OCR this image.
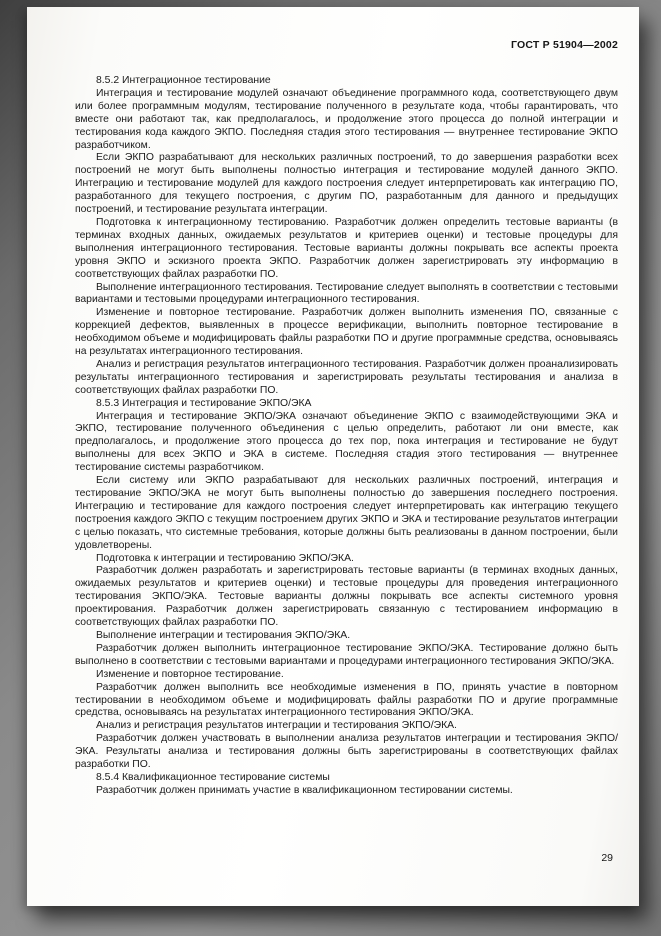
ГОСТ Р 51904—2002

8.5.2 Интеграционное тестирование

Интеграция и тестирование модулей означают объединение программного кода, соответствующего двум или более программным модулям, тестирование полученного в результате кода, чтобы гарантировать, что вместе они работают так, как предполагалось, и продолжение этого процесса до полной интеграции и тестирования кода каждого ЭКПО. Последняя стадия этого тестирования — внутреннее тестирование ЭКПО разработчиком.

Если ЭКПО разрабатывают для нескольких различных построений, то до завершения разработки всех построений не могут быть выполнены полностью интеграция и тестирование модулей данного ЭКПО. Интеграцию и тестирование модулей для каждого построения следует интерпретировать как интеграцию ПО, разработанного для текущего построения, с другим ПО, разработанным для данного и предыдущих построений, и тестирование результата интеграции.

Подготовка к интеграционному тестированию. Разработчик должен определить тестовые варианты (в терминах входных данных, ожидаемых результатов и критериев оценки) и тестовые процедуры для выполнения интеграционного тестирования. Тестовые варианты должны покрывать все аспекты проекта уровня ЭКПО и эскизного проекта ЭКПО. Разработчик должен зарегистрировать эту информацию в соответствующих файлах разработки ПО.

Выполнение интеграционного тестирования. Тестирование следует выполнять в соответствии с тестовыми вариантами и тестовыми процедурами интеграционного тестирования.

Изменение и повторное тестирование. Разработчик должен выполнить изменения ПО, связанные с коррекцией дефектов, выявленных в процессе верификации, выполнить повторное тестирование в необходимом объеме и модифицировать файлы разработки ПО и другие программные средства, основываясь на результатах интеграционного тестирования.

Анализ и регистрация результатов интеграционного тестирования. Разработчик должен проанализировать результаты интеграционного тестирования и зарегистрировать результаты тестирования и анализа в соответствующих файлах разработки ПО.

8.5.3 Интеграция и тестирование ЭКПО/ЭКА

Интеграция и тестирование ЭКПО/ЭКА означают объединение ЭКПО с взаимодействующими ЭКА и ЭКПО, тестирование полученного объединения с целью определить, работают ли они вместе, как предполагалось, и продолжение этого процесса до тех пор, пока интеграция и тестирование не будут выполнены для всех ЭКПО и ЭКА в системе. Последняя стадия этого тестирования — внутреннее тестирование системы разработчиком.

Если систему или ЭКПО разрабатывают для нескольких различных построений, интеграция и тестирование ЭКПО/ЭКА не могут быть выполнены полностью до завершения последнего построения. Интеграцию и тестирование для каждого построения следует интерпретировать как интеграцию текущего построения каждого ЭКПО с текущим построением других ЭКПО и ЭКА и тестирование результатов интеграции с целью показать, что системные требования, которые должны быть реализованы в данном построении, были удовлетворены.

Подготовка к интеграции и тестированию ЭКПО/ЭКА.

Разработчик должен разработать и зарегистрировать тестовые варианты (в терминах входных данных, ожидаемых результатов и критериев оценки) и тестовые процедуры для проведения интеграционного тестирования ЭКПО/ЭКА. Тестовые варианты должны покрывать все аспекты системного уровня проектирования. Разработчик должен зарегистрировать связанную с тестированием информацию в соответствующих файлах разработки ПО.

Выполнение интеграции и тестирования ЭКПО/ЭКА.

Разработчик должен выполнить интеграционное тестирование ЭКПО/ЭКА. Тестирование должно быть выполнено в соответствии с тестовыми вариантами и процедурами интеграционного тестирования ЭКПО/ЭКА.

Изменение и повторное тестирование.

Разработчик должен выполнить все необходимые изменения в ПО, принять участие в повторном тестировании в необходимом объеме и модифицировать файлы разработки ПО и другие программные средства, основываясь на результатах интеграционного тестирования ЭКПО/ЭКА.

Анализ и регистрация результатов интеграции и тестирования ЭКПО/ЭКА.

Разработчик должен участвовать в выполнении анализа результатов интеграции и тестирования ЭКПО/ЭКА. Результаты анализа и тестирования должны быть зарегистрированы в соответствующих файлах разработки ПО.

8.5.4 Квалификационное тестирование системы

Разработчик должен принимать участие в квалификационном тестировании системы.

29
